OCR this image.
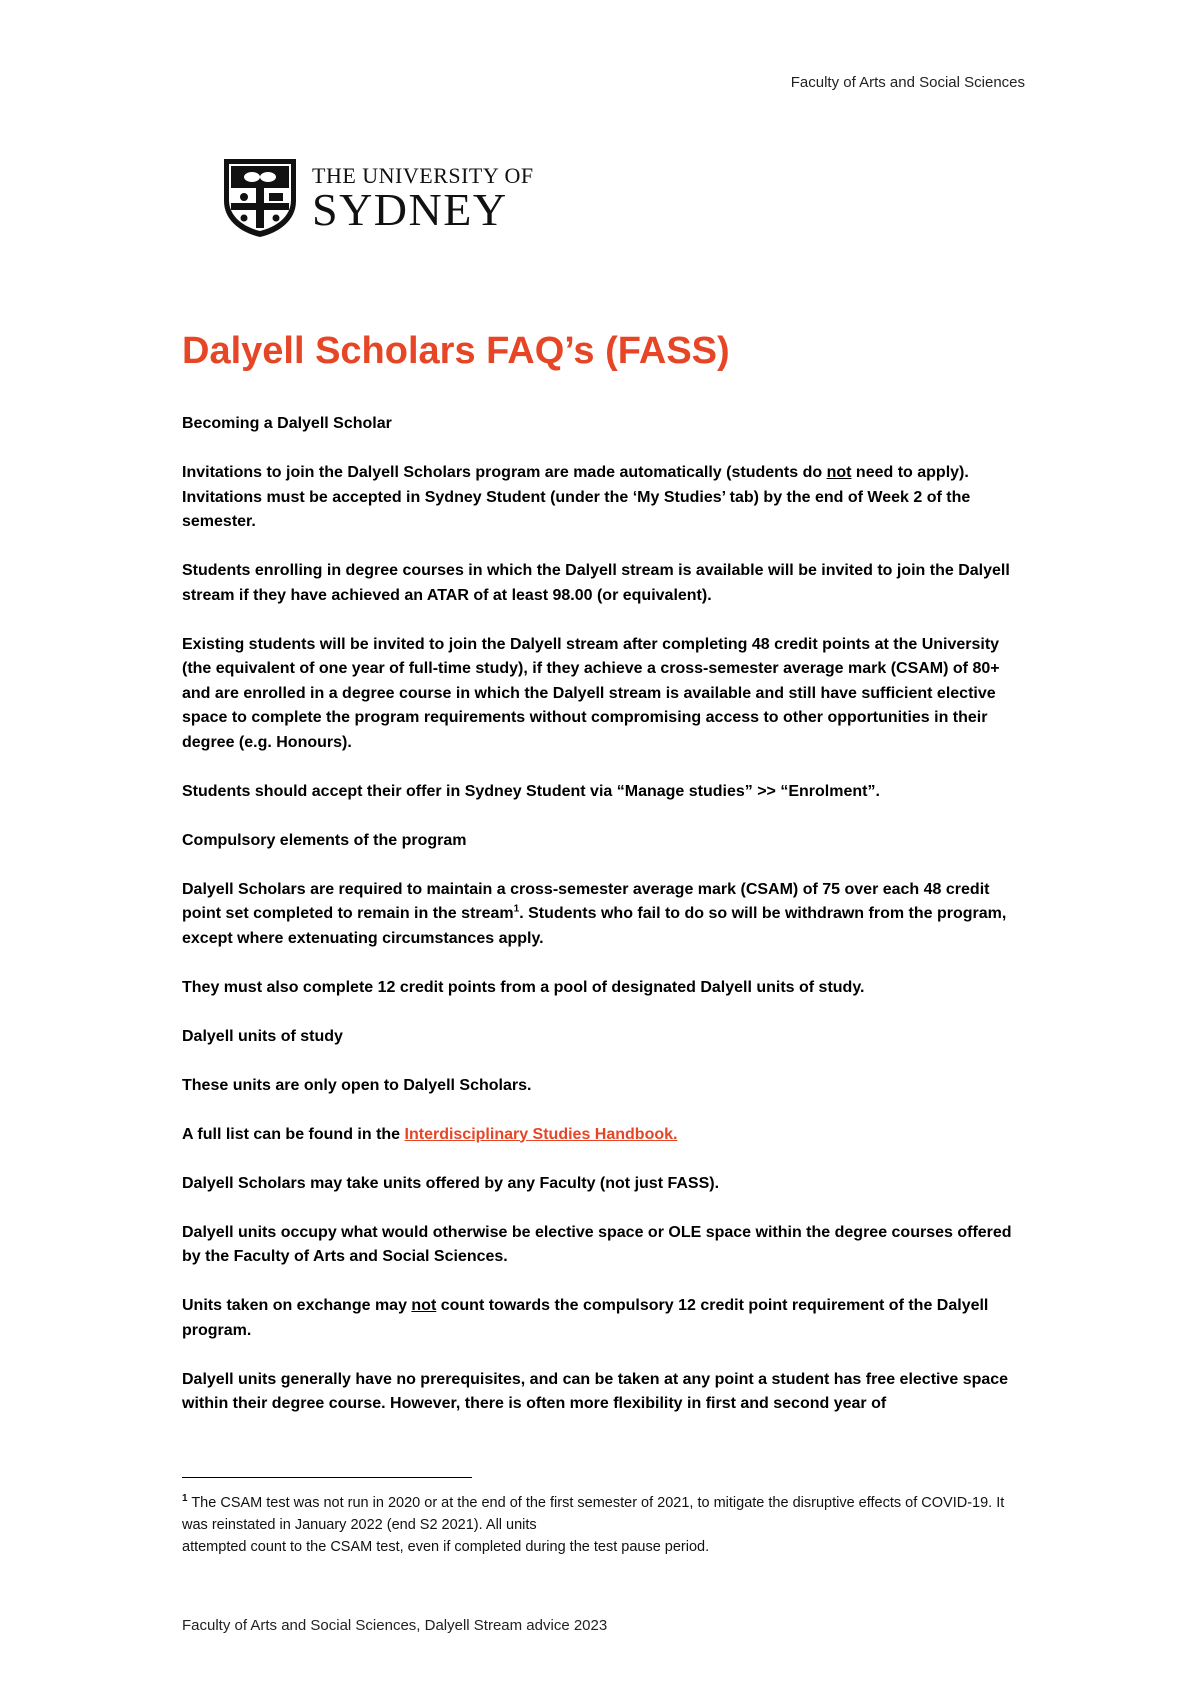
Faculty of Arts and Social Sciences
THE UNIVERSITY OF
SYDNEY
Dalyell Scholars FAQ’s (FASS)

Becoming a Dalyell Scholar

Invitations to join the Dalyell Scholars program are made automatically (students do not need to apply). Invitations must be accepted in Sydney Student (under the ‘My Studies’ tab) by the end of Week 2 of the semester.

Students enrolling in degree courses in which the Dalyell stream is available will be invited to join the Dalyell stream if they have achieved an ATAR of at least 98.00 (or equivalent).

Existing students will be invited to join the Dalyell stream after completing 48 credit points at the University (the equivalent of one year of full-time study), if they achieve a cross-semester average mark (CSAM) of 80+ and are enrolled in a degree course in which the Dalyell stream is available and still have sufficient elective space to complete the program requirements without compromising access to other opportunities in their degree (e.g. Honours).

Students should accept their offer in Sydney Student via “Manage studies” >> “Enrolment”.

Compulsory elements of the program

Dalyell Scholars are required to maintain a cross-semester average mark (CSAM) of 75 over each 48 credit point set completed to remain in the stream$^1$. Students who fail to do so will be withdrawn from the program, except where extenuating circumstances apply.

They must also complete 12 credit points from a pool of designated Dalyell units of study.

Dalyell units of study

These units are only open to Dalyell Scholars.

A full list can be found in the Interdisciplinary Studies Handbook.

Dalyell Scholars may take units offered by any Faculty (not just FASS).

Dalyell units occupy what would otherwise be elective space or OLE space within the degree courses offered by the Faculty of Arts and Social Sciences.

Units taken on exchange may not count towards the compulsory 12 credit point requirement of the Dalyell program.

Dalyell units generally have no prerequisites, and can be taken at any point a student has free elective space within their degree course. However, there is often more flexibility in first and second year of

$^1$ The CSAM test was not run in 2020 or at the end of the first semester of 2021, to mitigate the disruptive effects of COVID-19. It was reinstated in January 2022 (end S2 2021). All units
attempted count to the CSAM test, even if completed during the test pause period.
Faculty of Arts and Social Sciences, Dalyell Stream advice 2023
